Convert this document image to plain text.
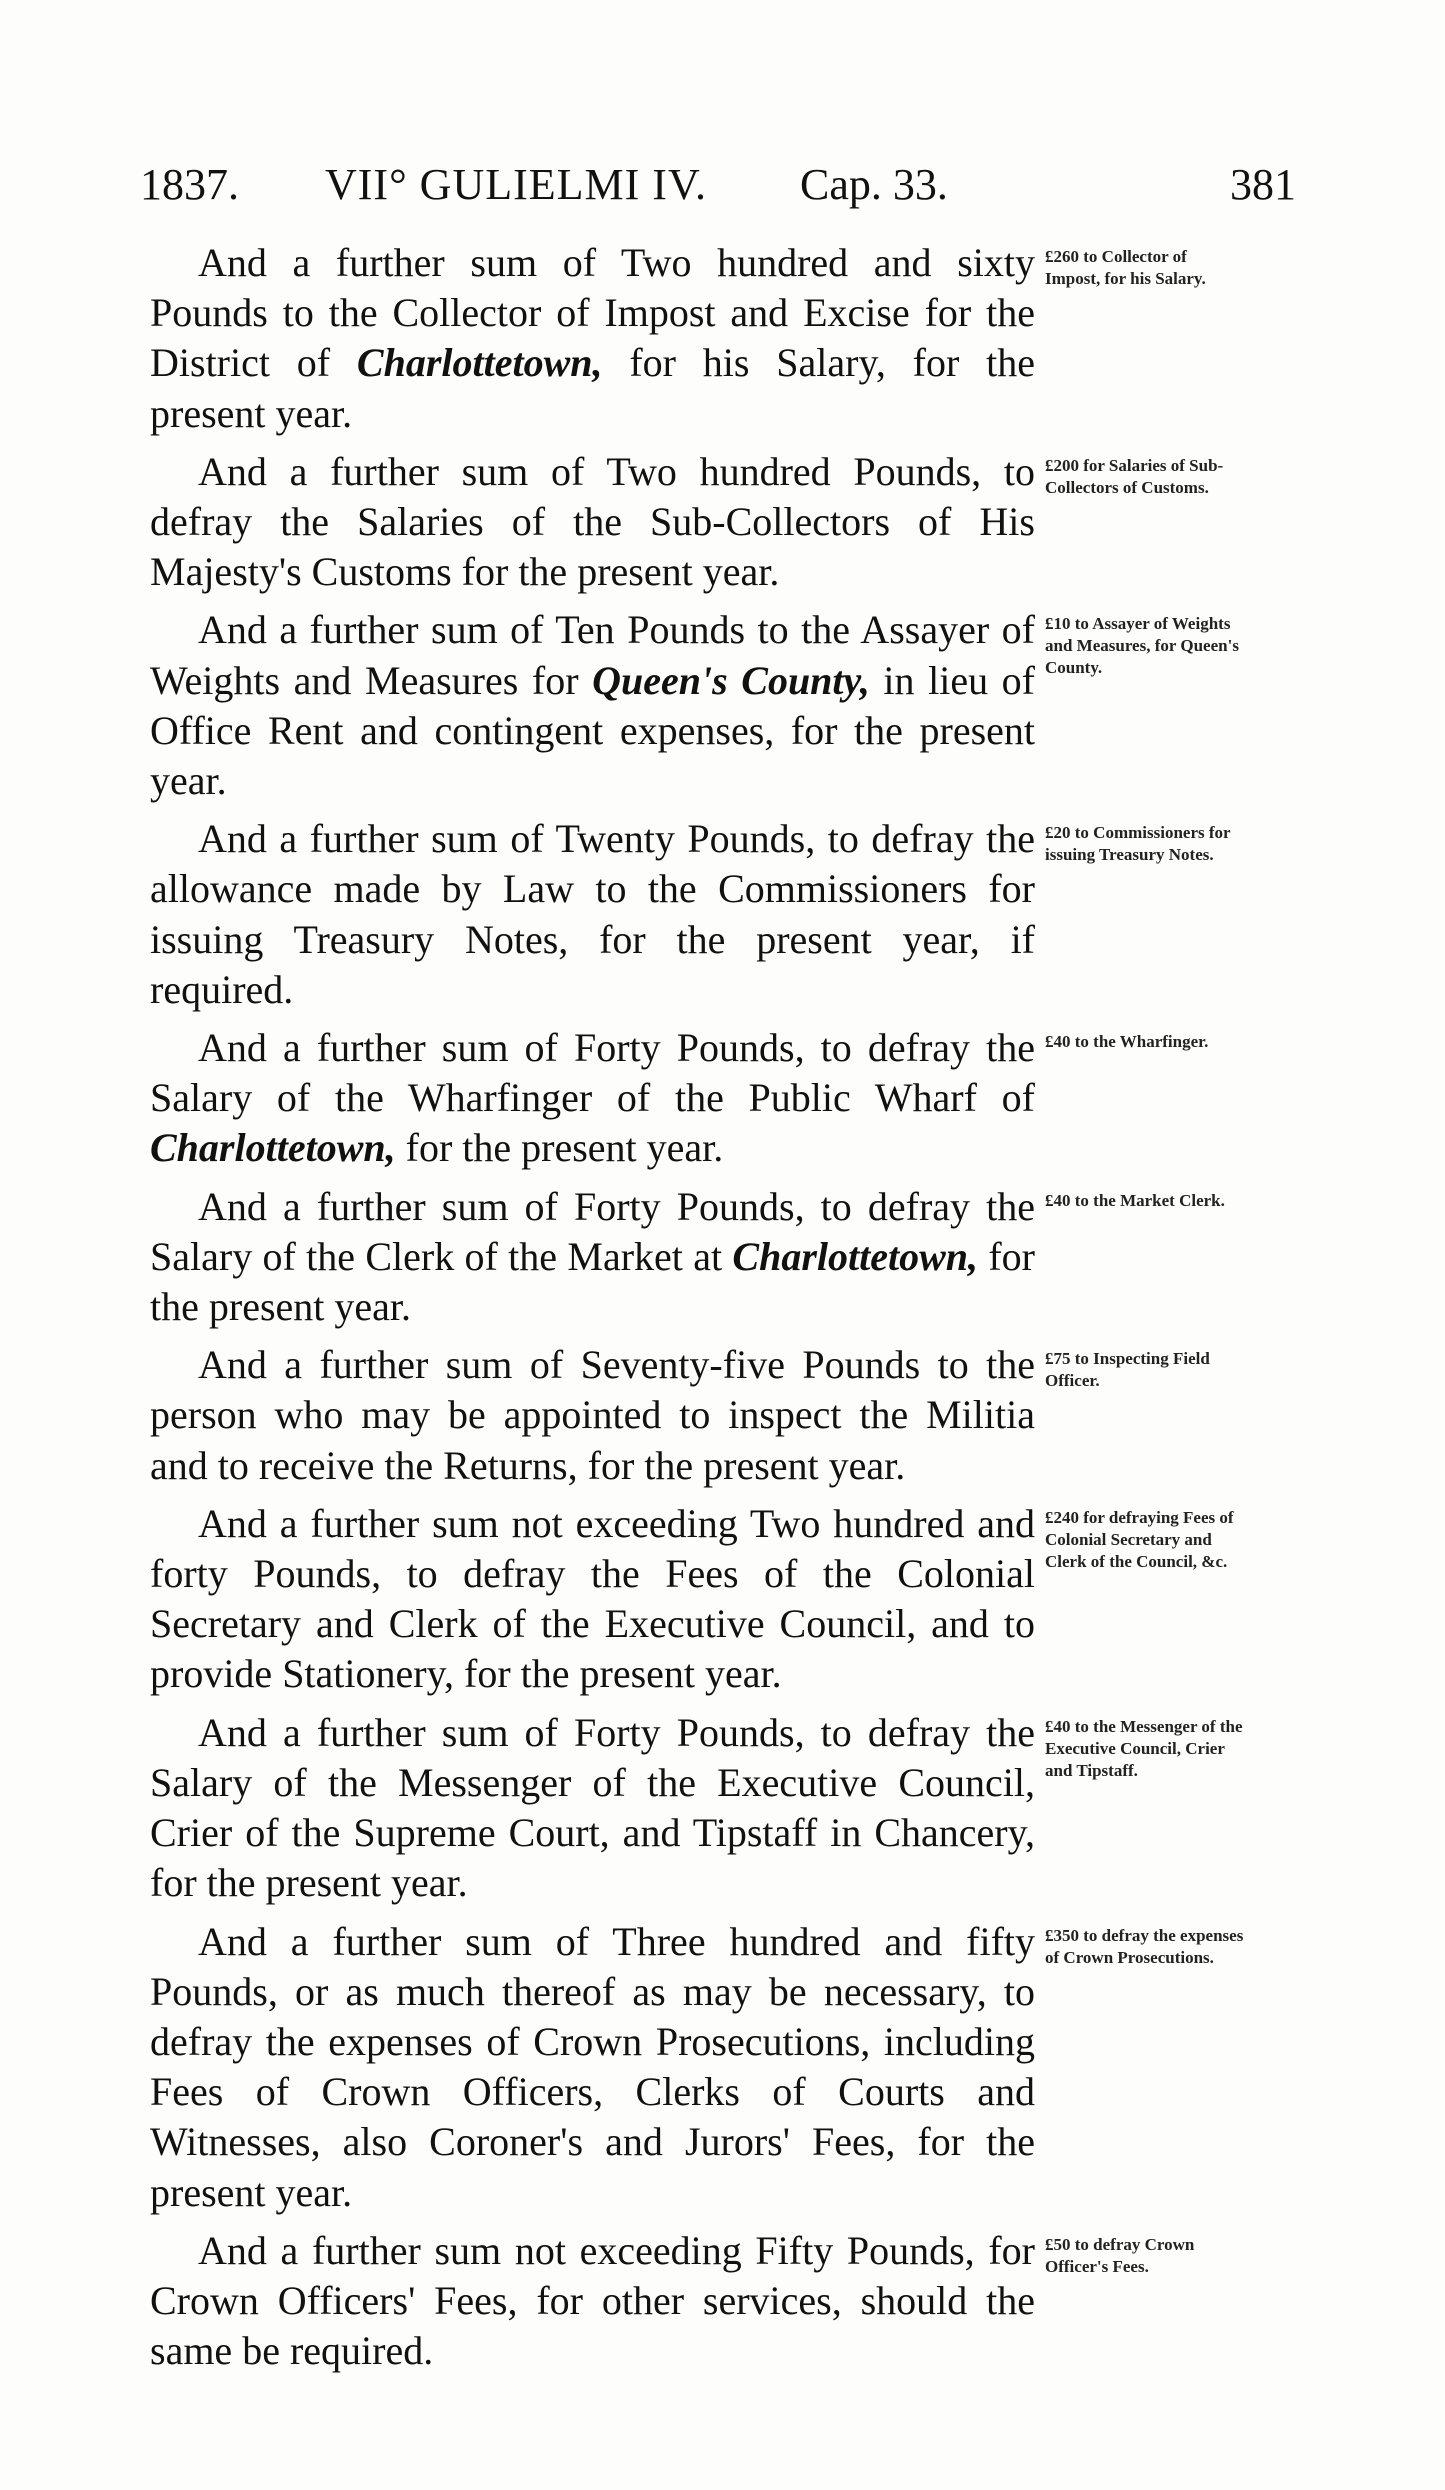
1837. VII° GULIELMI IV. Cap. 33.	381

And a further sum of Two hundred and sixty Pounds to the Collector of Impost and Excise for the District of Charlottetown, for his Salary, for the present year.

£260 to Collector of Impost, for his Salary.

And a further sum of Two hundred Pounds, to defray the Salaries of the Sub-Collectors of His Majesty's Customs for the present year.

£200 for Salaries of Sub-Collectors of Customs.

And a further sum of Ten Pounds to the Assayer of Weights and Measures for Queen's County, in lieu of Office Rent and contingent expenses, for the present year.

£10 to Assayer of Weights and Measures, for Queen's County.

And a further sum of Twenty Pounds, to defray the allowance made by Law to the Commissioners for issuing Treasury Notes, for the present year, if required.

£20 to Commissioners for issuing Treasury Notes.

And a further sum of Forty Pounds, to defray the Salary of the Wharfinger of the Public Wharf of Charlottetown, for the present year.

£40 to the Wharfinger.

And a further sum of Forty Pounds, to defray the Salary of the Clerk of the Market at Charlottetown, for the present year.

£40 to the Market Clerk.

And a further sum of Seventy-five Pounds to the person who may be appointed to inspect the Militia and to receive the Returns, for the present year.

£75 to Inspecting Field Officer.

And a further sum not exceeding Two hundred and forty Pounds, to defray the Fees of the Colonial Secretary and Clerk of the Executive Council, and to provide Stationery, for the present year.

£240 for defraying Fees of Colonial Secretary and Clerk of the Council, &c.

And a further sum of Forty Pounds, to defray the Salary of the Messenger of the Executive Council, Crier of the Supreme Court, and Tipstaff in Chancery, for the present year.

£40 to the Messenger of the Executive Council, Crier and Tipstaff.

And a further sum of Three hundred and fifty Pounds, or as much thereof as may be necessary, to defray the expenses of Crown Prosecutions, including Fees of Crown Officers, Clerks of Courts and Witnesses, also Coroner's and Jurors' Fees, for the present year.

£350 to defray the expenses of Crown Prosecutions.

And a further sum not exceeding Fifty Pounds, for Crown Officers' Fees, for other services, should the same be required.

£50 to defray Crown Officer's Fees.
